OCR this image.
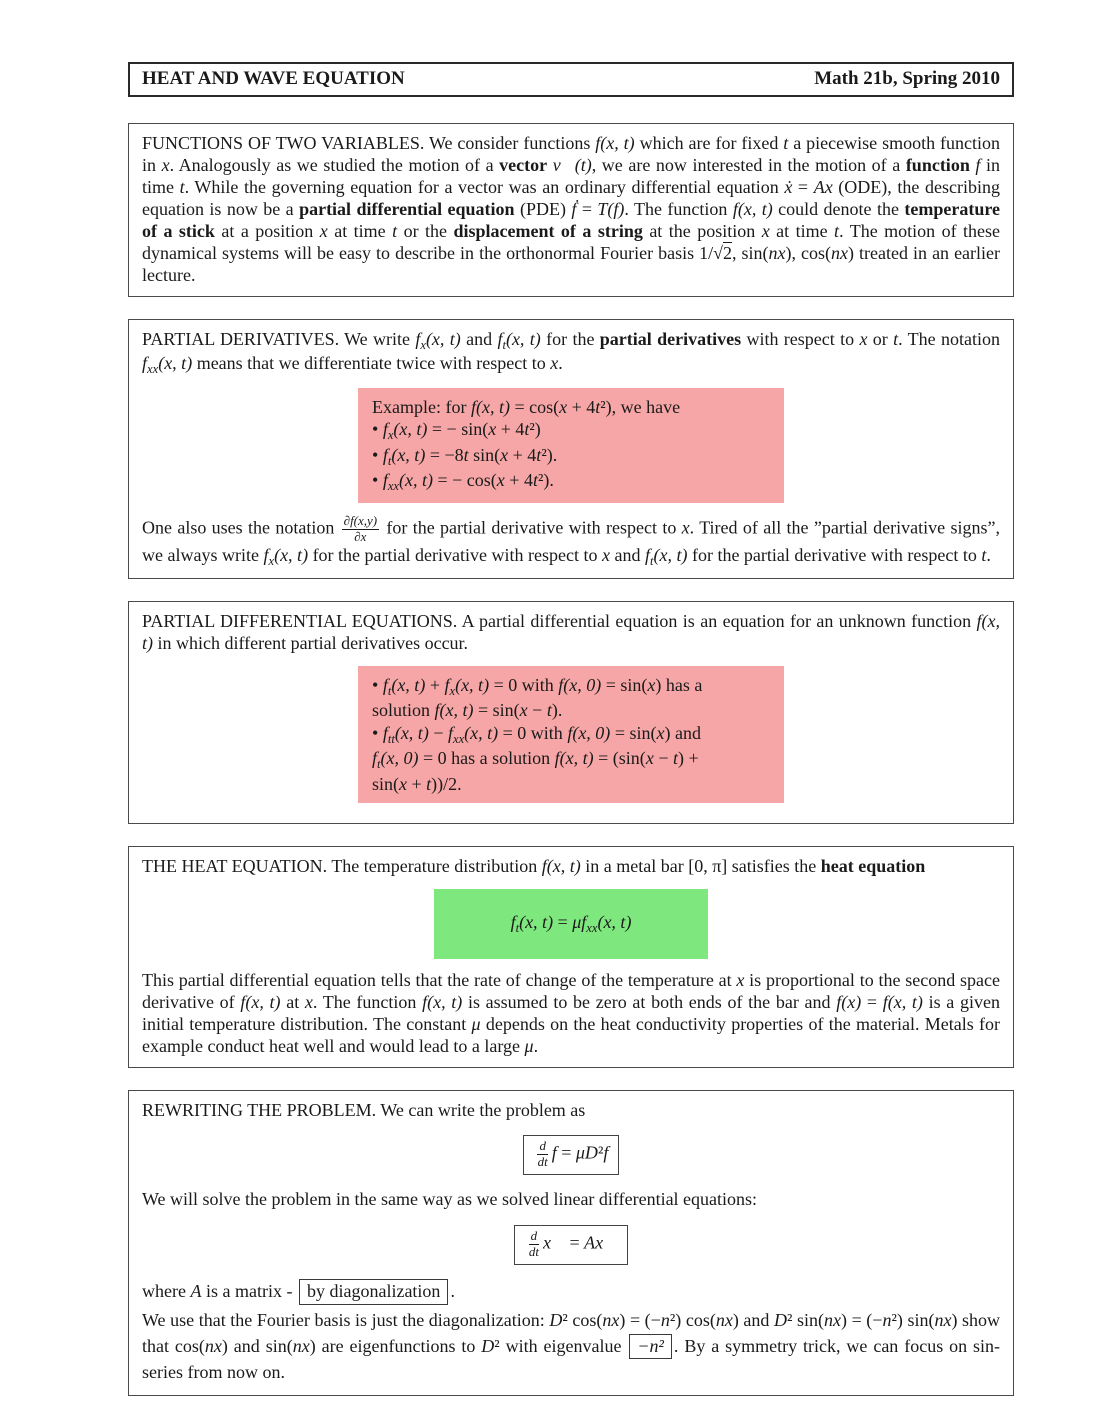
HEAT AND WAVE EQUATION	Math 21b, Spring 2010

FUNCTIONS OF TWO VARIABLES. We consider functions f(x, t) which are for fixed t a piecewise smooth function in x. Analogously as we studied the motion of a vector v⃗(t), we are now interested in the motion of a function f in time t. While the governing equation for a vector was an ordinary differential equation ẋ = Ax (ODE), the describing equation is now be a partial differential equation (PDE) ḟ = T(f). The function f(x, t) could denote the temperature of a stick at a position x at time t or the displacement of a string at the position x at time t. The motion of these dynamical systems will be easy to describe in the orthonormal Fourier basis 1/√2, sin(nx), cos(nx) treated in an earlier lecture.

PARTIAL DERIVATIVES. We write $f_x(x$, t) and $f_t(x$, t) for the partial derivatives with respect to x or t. The notation $f_{xx}(x$, t) means that we differentiate twice with respect to x.

Example: for f(x, t) = cos(x + 4t²), we have
• $f_x(x$, t) = − sin(x + 4t²)
• $f_t(x$, t) = −8t sin(x + 4t²).
• $f_{xx}(x$, t) = − cos(x + 4t²).

One also uses the notation $\frac{\partial f(x,y)}{\partial x}$ for the partial derivative with respect to x. Tired of all the ”partial derivative signs”, we always write $f_x(x$, t) for the partial derivative with respect to x and $f_t(x$, t) for the partial derivative with respect to t.

PARTIAL DIFFERENTIAL EQUATIONS. A partial differential equation is an equation for an unknown function f(x, t) in which different partial derivatives occur.

• $f_t(x$, $t) + f_x(x$, t) = 0 with f(x, 0) = sin(x) has a
solution f(x, t) = sin(x − t).
• $f_{tt}(x$, $t) - f_{xx}(x$, t) = 0 with f(x, 0) = sin(x) and
$f_t(x$, 0) = 0 has a solution f(x, t) = (sin(x − t) +
sin(x + t))/2.

THE HEAT EQUATION. The temperature distribution f(x, t) in a metal bar [0, π] satisfies the heat equation

$f_t(x$, $t) = \mu f_{xx}(x$, t)

This partial differential equation tells that the rate of change of the temperature at x is proportional to the second space derivative of f(x, t) at x. The function f(x, t) is assumed to be zero at both ends of the bar and f(x) = f(x, t) is a given initial temperature distribution. The constant μ depends on the heat conductivity properties of the material. Metals for example conduct heat well and would lead to a large μ.

REWRITING THE PROBLEM. We can write the problem as

$\frac{d}{dt}$ f = μD²f

We will solve the problem in the same way as we solved linear differential equations:

$\frac{d}{dt}$ x⃗ = Ax⃗

where A is a matrix - by diagonalization .

We use that the Fourier basis is just the diagonalization: D² cos(nx) = (−n²) cos(nx) and D² sin(nx) = (−n²) sin(nx) show that cos(nx) and sin(nx) are eigenfunctions to D² with eigenvalue −n² . By a symmetry trick, we can focus on sin-series from now on.
